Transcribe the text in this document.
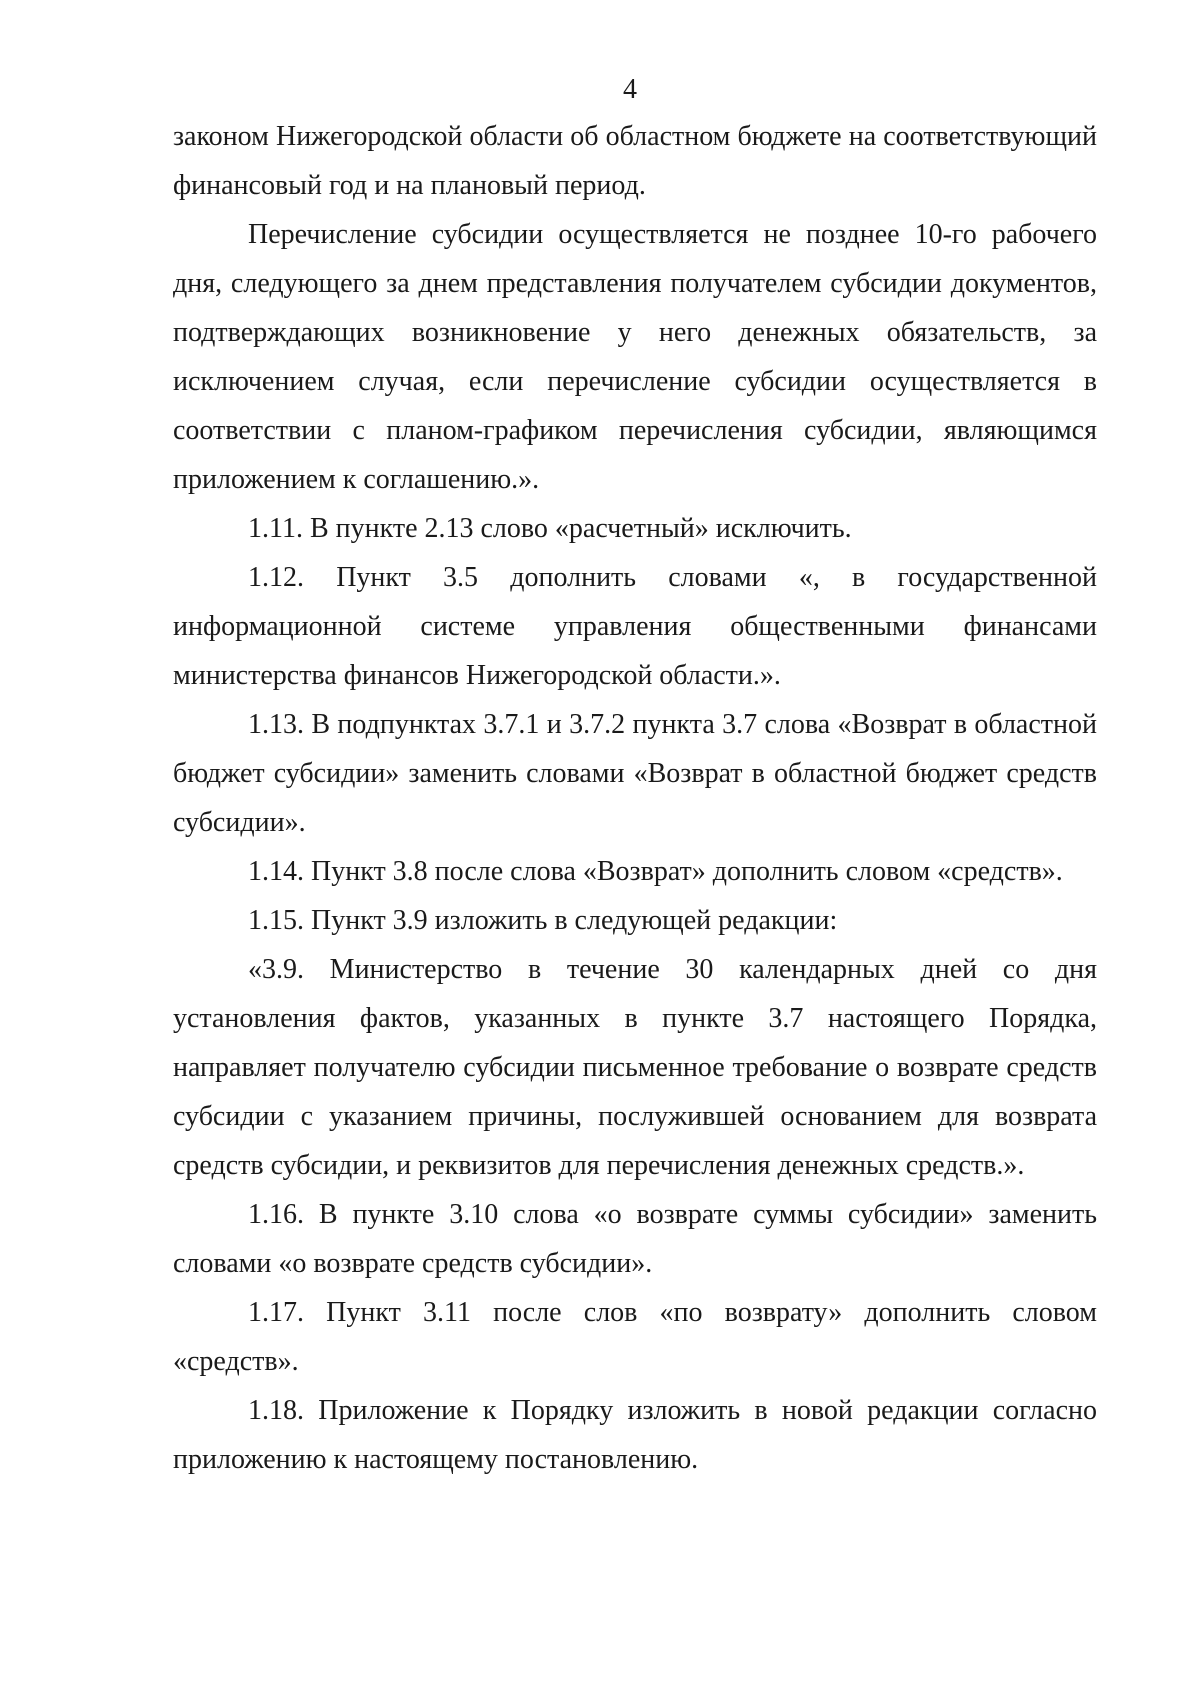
4

законом Нижегородской области об областном бюджете на соответствующий финансовый год и на плановый период.

Перечисление субсидии осуществляется не позднее 10-го рабочего дня, следующего за днем представления получателем субсидии документов, подтверждающих возникновение у него денежных обязательств, за исключением случая, если перечисление субсидии осуществляется в соответствии с планом-графиком перечисления субсидии, являющимся приложением к соглашению.».

1.11. В пункте 2.13 слово «расчетный» исключить.

1.12. Пункт 3.5 дополнить словами «, в государственной информационной системе управления общественными финансами министерства финансов Нижегородской области.».

1.13. В подпунктах 3.7.1 и 3.7.2 пункта 3.7 слова «Возврат в областной бюджет субсидии» заменить словами «Возврат в областной бюджет средств субсидии».

1.14. Пункт 3.8 после слова «Возврат» дополнить словом «средств».

1.15. Пункт 3.9 изложить в следующей редакции:

«3.9. Министерство в течение 30 календарных дней со дня установления фактов, указанных в пункте 3.7 настоящего Порядка, направляет получателю субсидии письменное требование о возврате средств субсидии с указанием причины, послужившей основанием для возврата средств субсидии, и реквизитов для перечисления денежных средств.».

1.16. В пункте 3.10 слова «о возврате суммы субсидии» заменить словами «о возврате средств субсидии».

1.17. Пункт 3.11 после слов «по возврату» дополнить словом «средств».

1.18. Приложение к Порядку изложить в новой редакции согласно приложению к настоящему постановлению.
